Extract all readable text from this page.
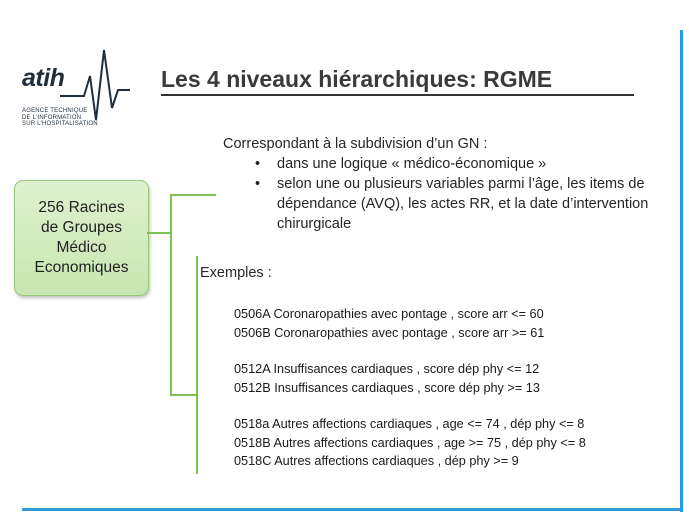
atih
AGENCE TECHNIQUE
DE L'INFORMATION
SUR L'HOSPITALISATION
Les 4 niveaux hiérarchiques: RGME
Correspondant à la subdivision d’un GN :
• dans une logique « médico-économique »
• selon une ou plusieurs variables parmi l’âge, les items de dépendance (AVQ), les actes RR, et la date d’intervention chirurgicale
256 Racines
de Groupes
Médico
Economiques	Exemples :
0506A Coronaropathies avec pontage , score arr <= 60
0506B Coronaropathies avec pontage , score arr >= 61
0512A Insuffisances cardiaques , score dép phy <= 12
0512B Insuffisances cardiaques , score dép phy >= 13
0518a Autres affections cardiaques , age <= 74 , dép phy <= 8
0518B Autres affections cardiaques , age >= 75 , dép phy <= 8
0518C Autres affections cardiaques , dép phy >= 9
